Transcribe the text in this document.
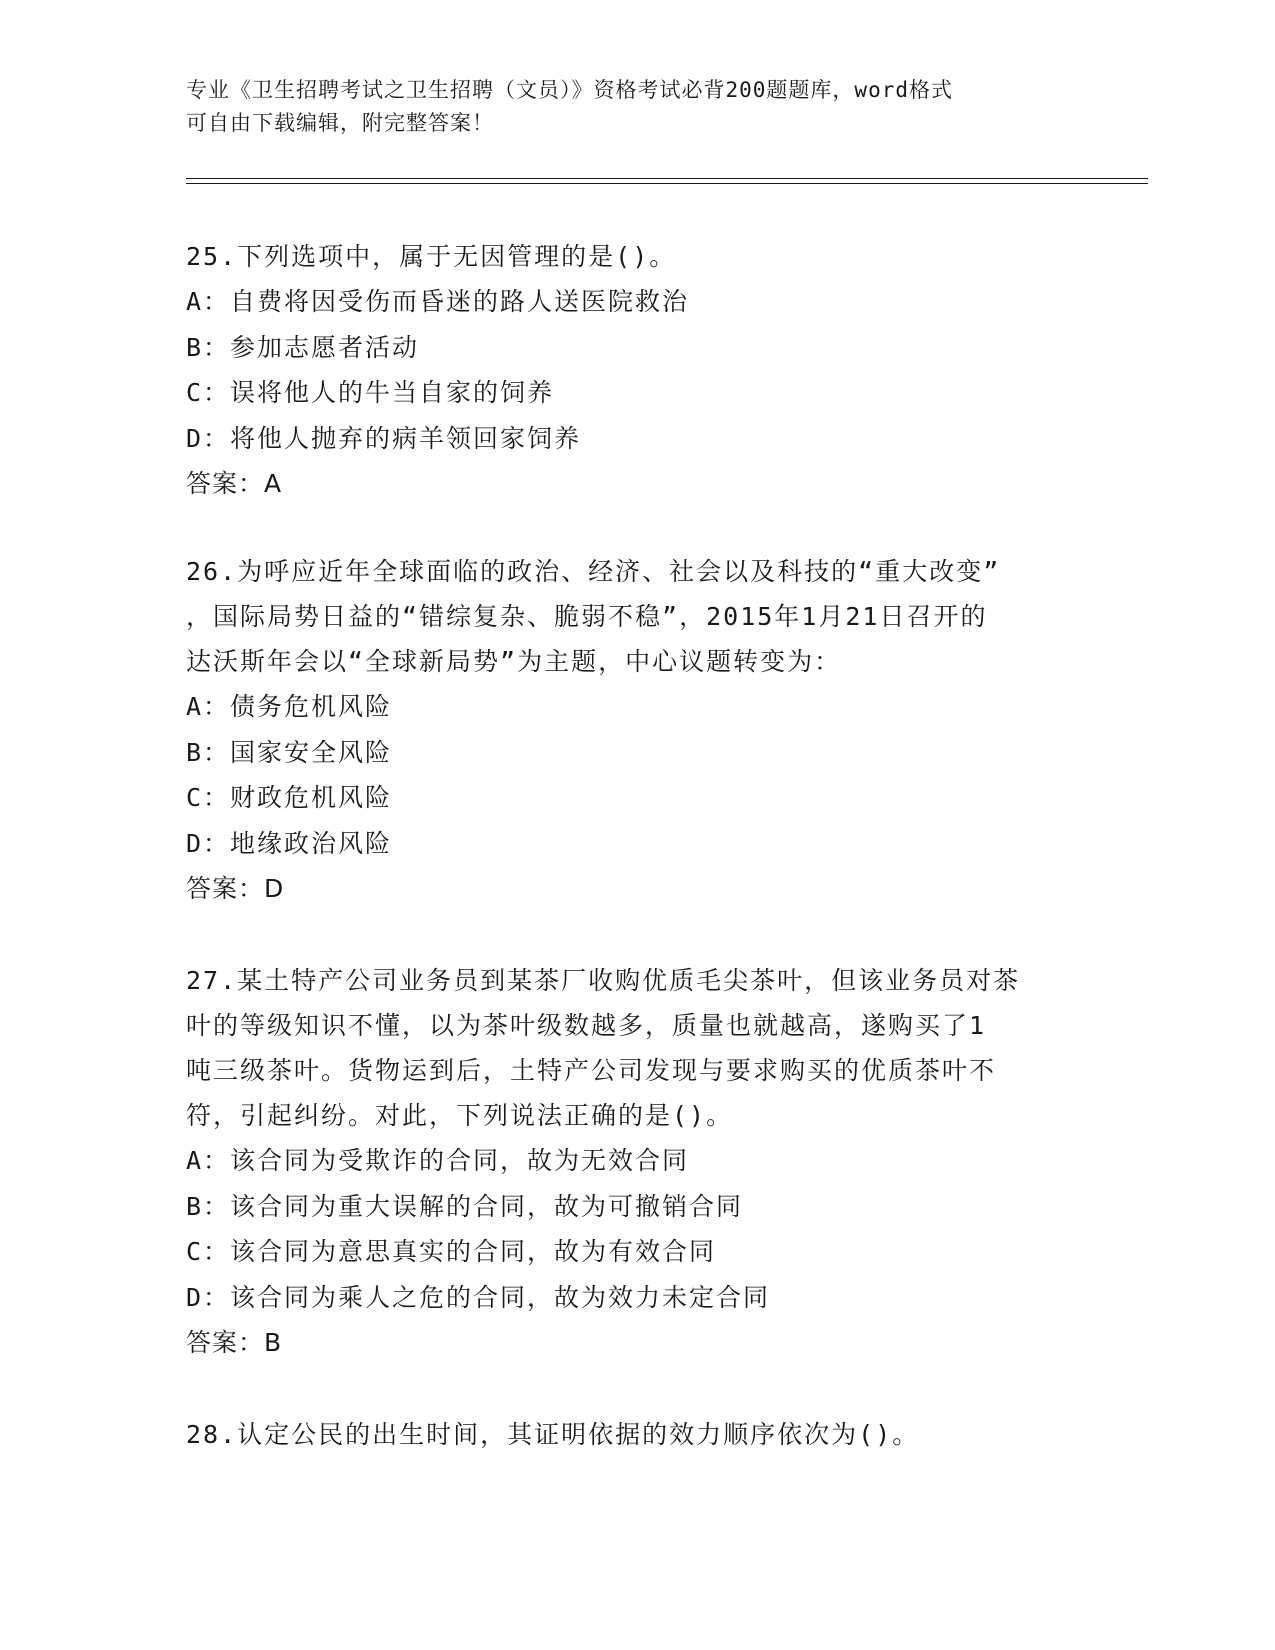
专业《卫生招聘考试之卫生招聘（文员）》资格考试必背200题题库，word格式
可自由下载编辑，附完整答案！
25.下列选项中，属于无因管理的是()。
A：自费将因受伤而昏迷的路人送医院救治
B：参加志愿者活动
C：误将他人的牛当自家的饲养
D：将他人抛弃的病羊领回家饲养
答案：A
26.为呼应近年全球面临的政治、经济、社会以及科技的“重大改变”
，国际局势日益的“错综复杂、脆弱不稳”，2015年1月21日召开的
达沃斯年会以“全球新局势”为主题，中心议题转变为：
A：债务危机风险
B：国家安全风险
C：财政危机风险
D：地缘政治风险
答案：D
27.某土特产公司业务员到某茶厂收购优质毛尖茶叶，但该业务员对茶
叶的等级知识不懂，以为茶叶级数越多，质量也就越高，遂购买了1
吨三级茶叶。货物运到后，土特产公司发现与要求购买的优质茶叶不
符，引起纠纷。对此，下列说法正确的是()。
A：该合同为受欺诈的合同，故为无效合同
B：该合同为重大误解的合同，故为可撤销合同
C：该合同为意思真实的合同，故为有效合同
D：该合同为乘人之危的合同，故为效力未定合同
答案：B
28.认定公民的出生时间，其证明依据的效力顺序依次为()。
